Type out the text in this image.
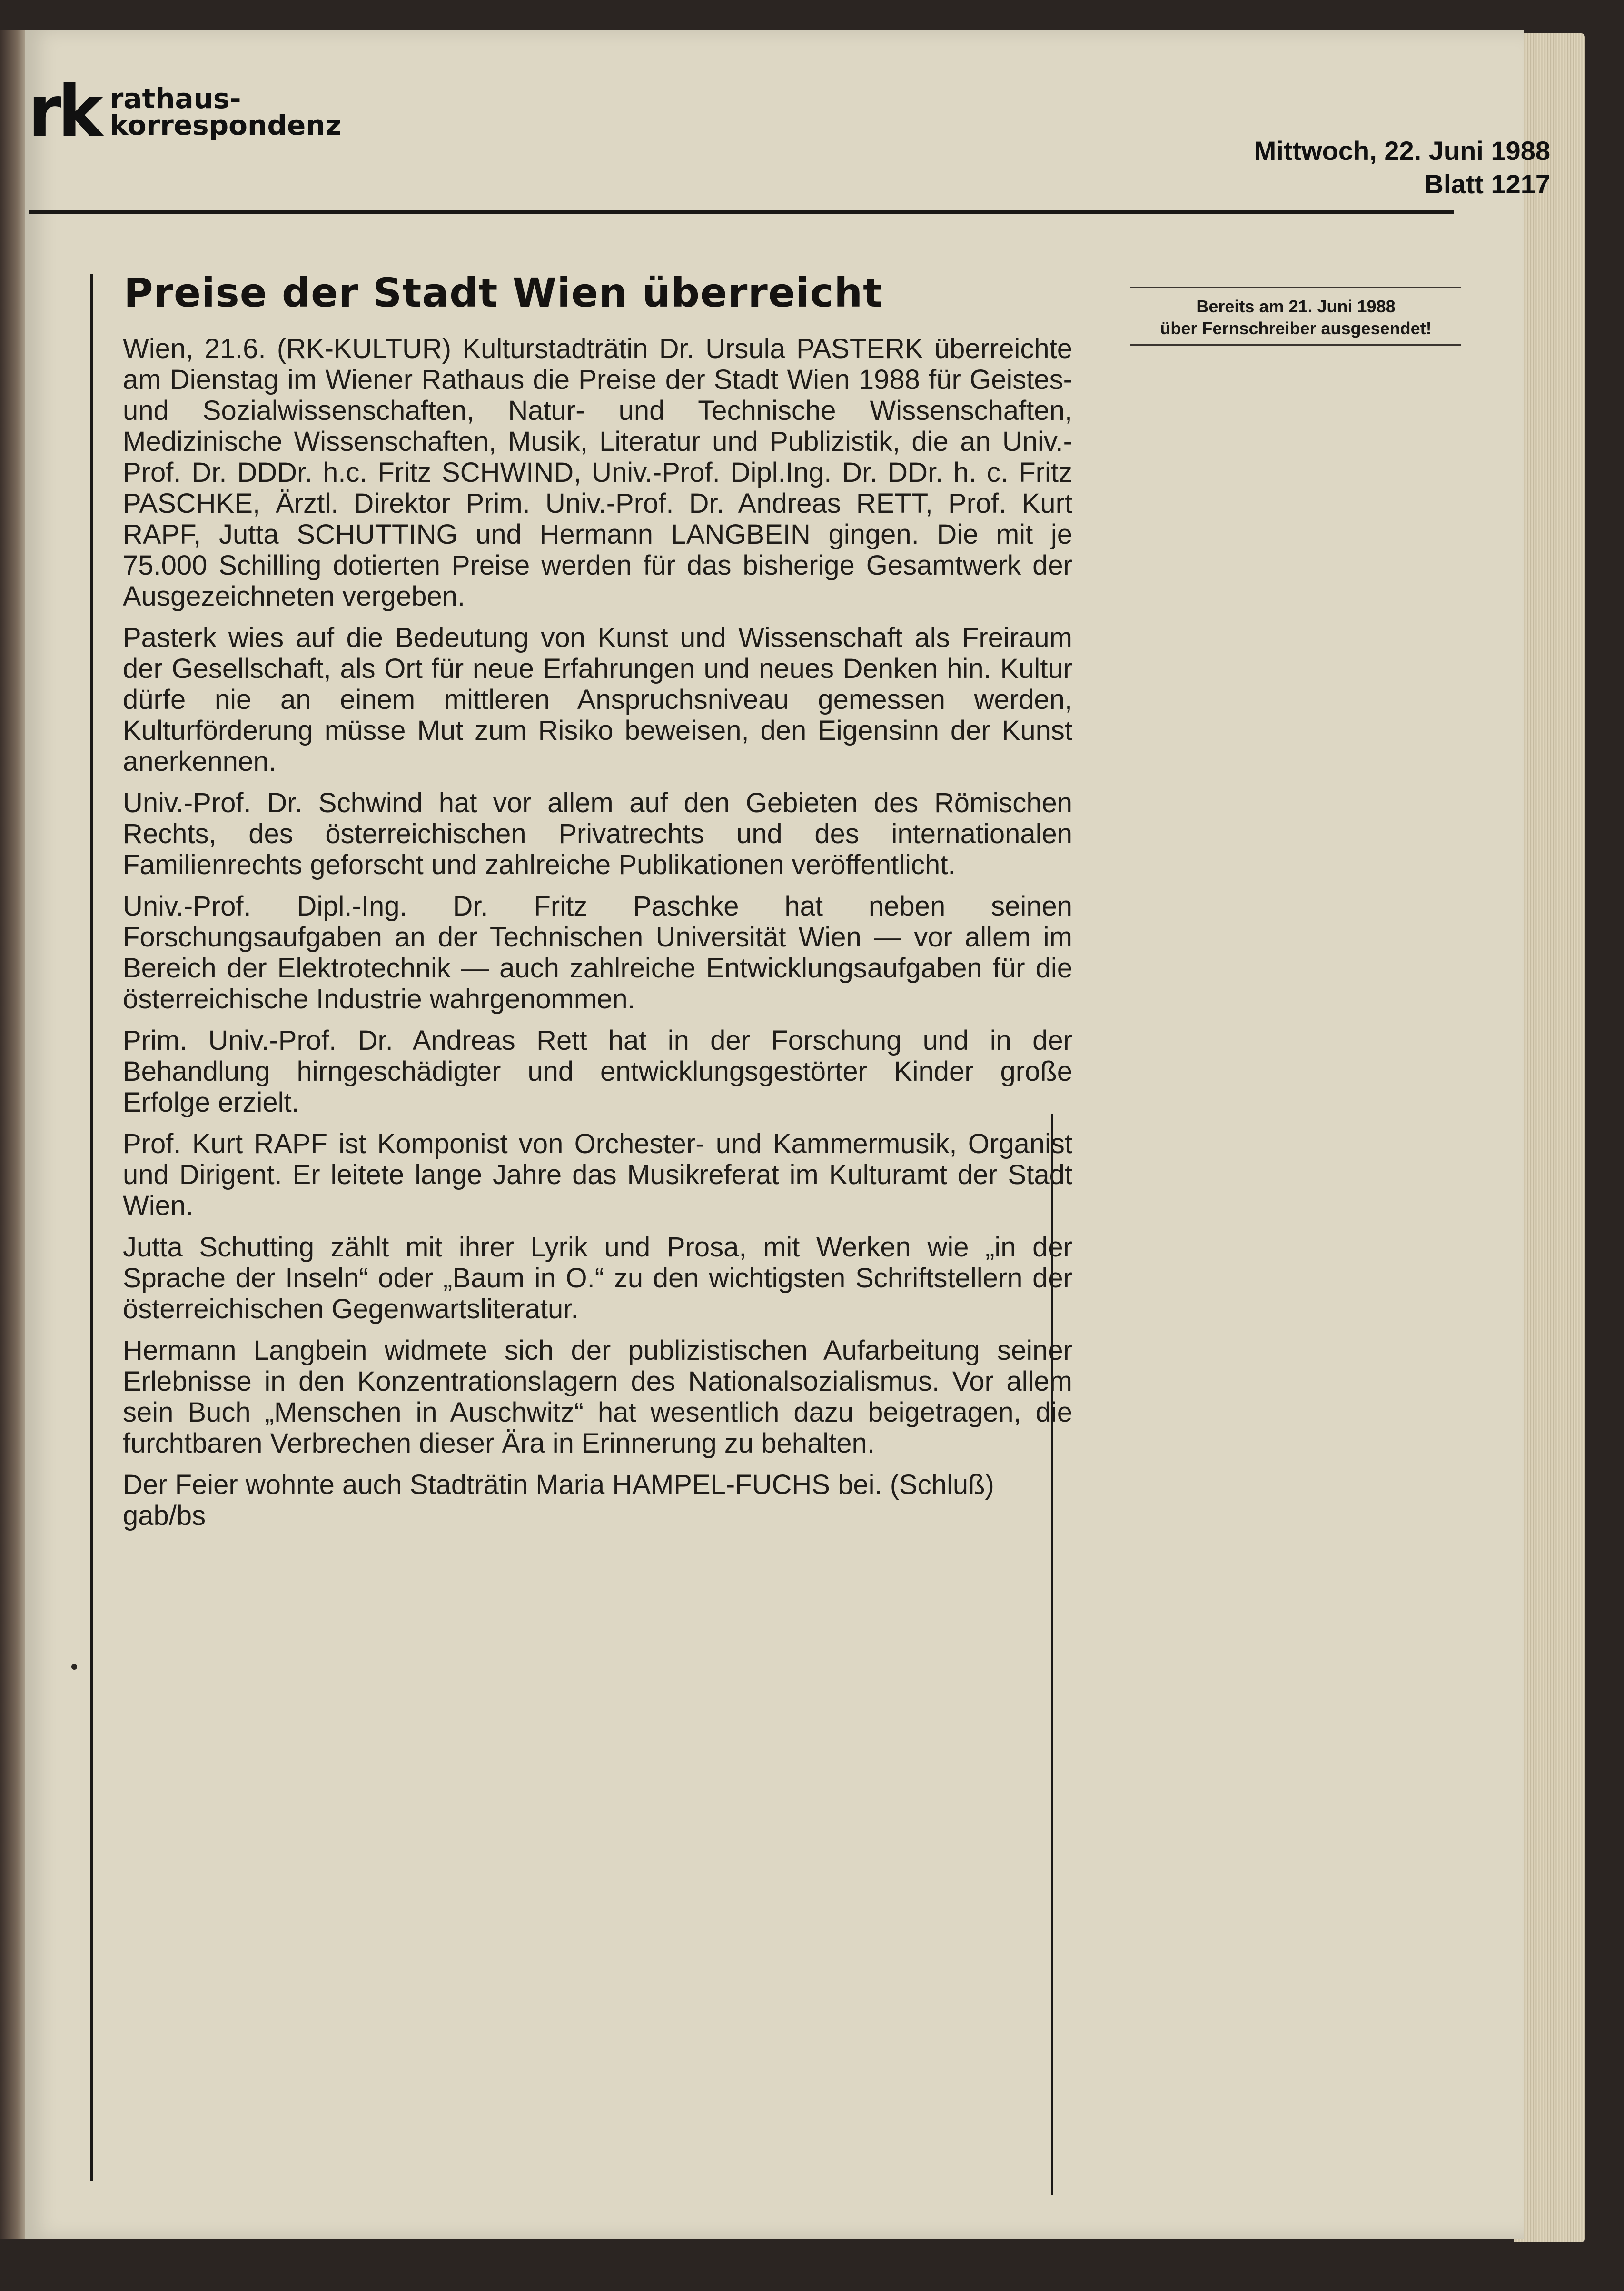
rk rathaus-
korrespondenz
Mittwoch, 22. Juni 1988
Blatt 1217
Preise der Stadt Wien überreicht

Wien, 21.6. (RK-KULTUR) Kulturstadträtin Dr. Ursula PASTERK überreichte am Dienstag im Wiener Rathaus die Preise der Stadt Wien 1988 für Geistes- und Sozialwissenschaften, Natur- und Technische Wissenschaften, Medizinische Wissenschaften, Musik, Literatur und Publizistik, die an Univ.-Prof. Dr. DDDr. h.c. Fritz SCHWIND, Univ.-Prof. Dipl.Ing. Dr. DDr. h. c. Fritz PASCHKE, Ärztl. Direktor Prim. Univ.-Prof. Dr. Andreas RETT, Prof. Kurt RAPF, Jutta SCHUTTING und Hermann LANGBEIN gingen. Die mit je 75.000 Schilling dotierten Preise werden für das bisherige Gesamtwerk der Ausgezeichneten vergeben.

Pasterk wies auf die Bedeutung von Kunst und Wissenschaft als Freiraum der Gesellschaft, als Ort für neue Erfahrungen und neues Denken hin. Kultur dürfe nie an einem mittleren Anspruchsniveau gemessen werden, Kulturförderung müsse Mut zum Risiko beweisen, den Eigensinn der Kunst anerkennen.

Univ.-Prof. Dr. Schwind hat vor allem auf den Gebieten des Römischen Rechts, des österreichischen Privatrechts und des internationalen Familienrechts geforscht und zahlreiche Publikationen veröffentlicht.

Univ.-Prof. Dipl.-Ing. Dr. Fritz Paschke hat neben seinen Forschungsaufgaben an der Technischen Universität Wien — vor allem im Bereich der Elektrotechnik — auch zahlreiche Entwicklungsaufgaben für die österreichische Industrie wahrgenommen.

Prim. Univ.-Prof. Dr. Andreas Rett hat in der Forschung und in der Behandlung hirngeschädigter und entwicklungsgestörter Kinder große Erfolge erzielt.

Prof. Kurt RAPF ist Komponist von Orchester- und Kammermusik, Organist und Dirigent. Er leitete lange Jahre das Musikreferat im Kulturamt der Stadt Wien.

Jutta Schutting zählt mit ihrer Lyrik und Prosa, mit Werken wie „in der Sprache der Inseln“ oder „Baum in O.“ zu den wichtigsten Schriftstellern der österreichischen Gegenwartsliteratur.

Hermann Langbein widmete sich der publizistischen Aufarbeitung seiner Erlebnisse in den Konzentrationslagern des Nationalsozialismus. Vor allem sein Buch „Menschen in Auschwitz“ hat wesentlich dazu beigetragen, die furchtbaren Verbrechen dieser Ära in Erinnerung zu behalten.

Der Feier wohnte auch Stadträtin Maria HAMPEL-FUCHS bei. (Schluß)

gab/bs

Bereits am 21. Juni 1988
über Fernschreiber ausgesendet!
